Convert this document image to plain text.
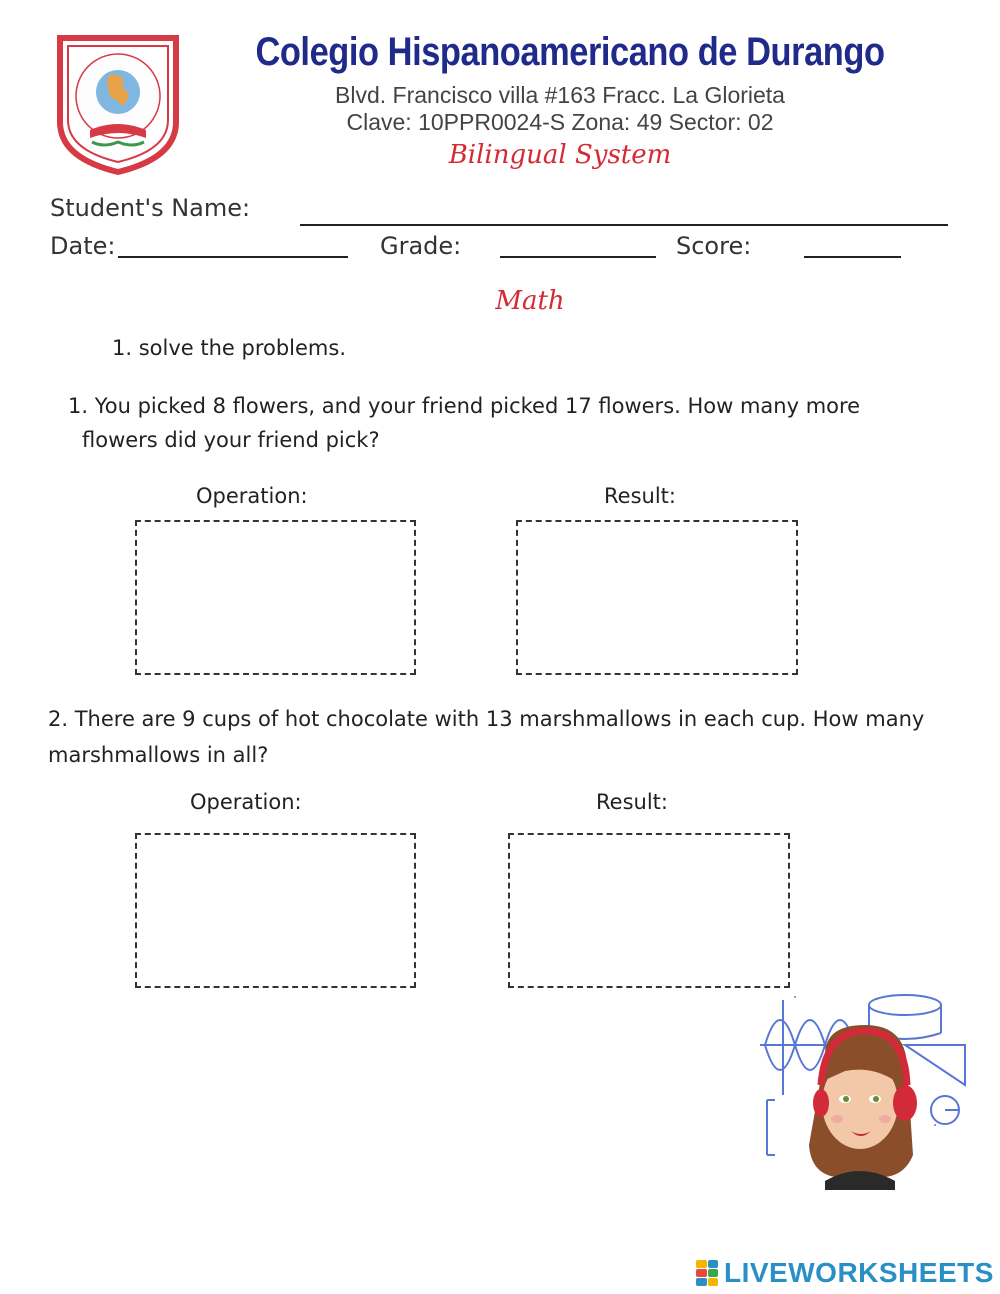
Colegio Hispanoamericano de Durango
Blvd. Francisco villa #163 Fracc. La Glorieta
Clave: 10PPR0024-S Zona: 49 Sector: 02
Bilingual System
Student's Name:
Date:	Grade:	Score:
Math
1. solve the problems.
1. You picked 8 flowers, and your friend picked 17 flowers. How many more
flowers did your friend pick?
Operation:	Result:
2. There are 9 cups of hot chocolate with 13 marshmallows in each cup. How many
marshmallows in all?
Operation:	Result:
LIVEWORKSHEETS
